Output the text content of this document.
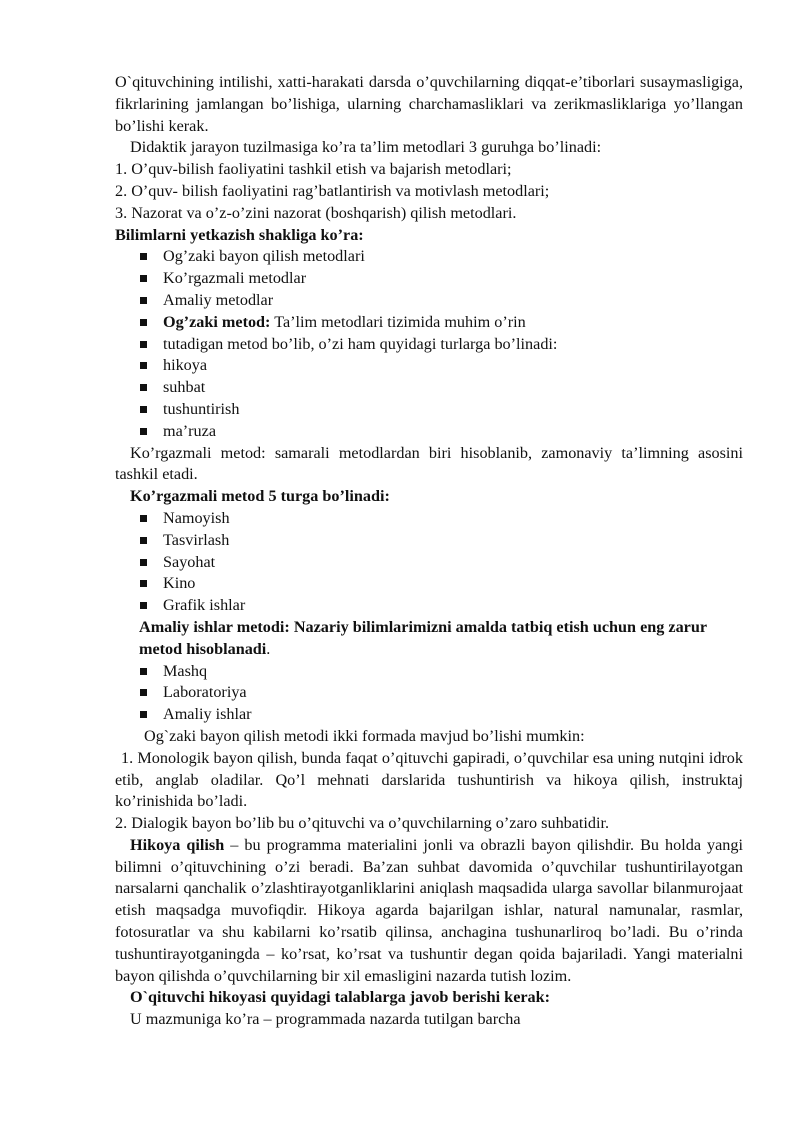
O`qituvchining intilishi, xatti-harakati darsda o’quvchilarning diqqat-e’tiborlari susaymasligiga, fikrlarining jamlangan bo’lishiga, ularning charchamasliklari va zerikmasliklariga yo’llangan bo’lishi kerak.

Didaktik jarayon tuzilmasiga ko’ra ta’lim metodlari 3 guruhga bo’linadi:

1. O’quv-bilish faoliyatini tashkil etish va bajarish metodlari;

2. O’quv- bilish faoliyatini rag’batlantirish va motivlash metodlari;

3. Nazorat va o’z-o’zini nazorat (boshqarish) qilish metodlari.

Bilimlarni yetkazish shakliga ko’ra:

Og’zaki bayon qilish metodlari
Ko’rgazmali metodlar
Amaliy metodlar
Og’zaki metod: Ta’lim metodlari tizimida muhim o’rin
tutadigan metod bo’lib, o’zi ham quyidagi turlarga bo’linadi:
hikoya
suhbat
tushuntirish
ma’ruza

Ko’rgazmali metod: samarali metodlardan biri hisoblanib, zamonaviy ta’limning asosini tashkil etadi.

Ko’rgazmali metod 5 turga bo’linadi:

Namoyish
Tasvirlash
Sayohat
Kino
Grafik ishlar

Amaliy ishlar metodi: Nazariy bilimlarimizni amalda tatbiq etish uchun eng zarur metod hisoblanadi.

Mashq
Laboratoriya
Amaliy ishlar

Og`zaki bayon qilish metodi ikki formada mavjud bo’lishi mumkin:

1. Monologik bayon qilish, bunda faqat o’qituvchi gapiradi, o’quvchilar esa uning nutqini idrok etib, anglab oladilar. Qo’l mehnati darslarida tushuntirish va hikoya qilish, instruktaj ko’rinishida bo’ladi.

2. Dialogik bayon bo’lib bu o’qituvchi va o’quvchilarning o’zaro suhbatidir.

Hikoya qilish – bu programma materialini jonli va obrazli bayon qilishdir. Bu holda yangi bilimni o’qituvchining o’zi beradi. Ba’zan suhbat davomida o’quvchilar tushuntirilayotgan narsalarni qanchalik o’zlashtirayotganliklarini aniqlash maqsadida ularga savollar bilanmurojaat etish maqsadga muvofiqdir. Hikoya agarda bajarilgan ishlar, natural namunalar, rasmlar, fotosuratlar va shu kabilarni ko’rsatib qilinsa, anchagina tushunarliroq bo’ladi. Bu o’rinda tushuntirayotganingda – ko’rsat, ko’rsat va tushuntir degan qoida bajariladi. Yangi materialni bayon qilishda o’quvchilarning bir xil emasligini nazarda tutish lozim.

O`qituvchi hikoyasi quyidagi talablarga javob berishi kerak:

U mazmuniga ko’ra – programmada nazarda tutilgan barcha
